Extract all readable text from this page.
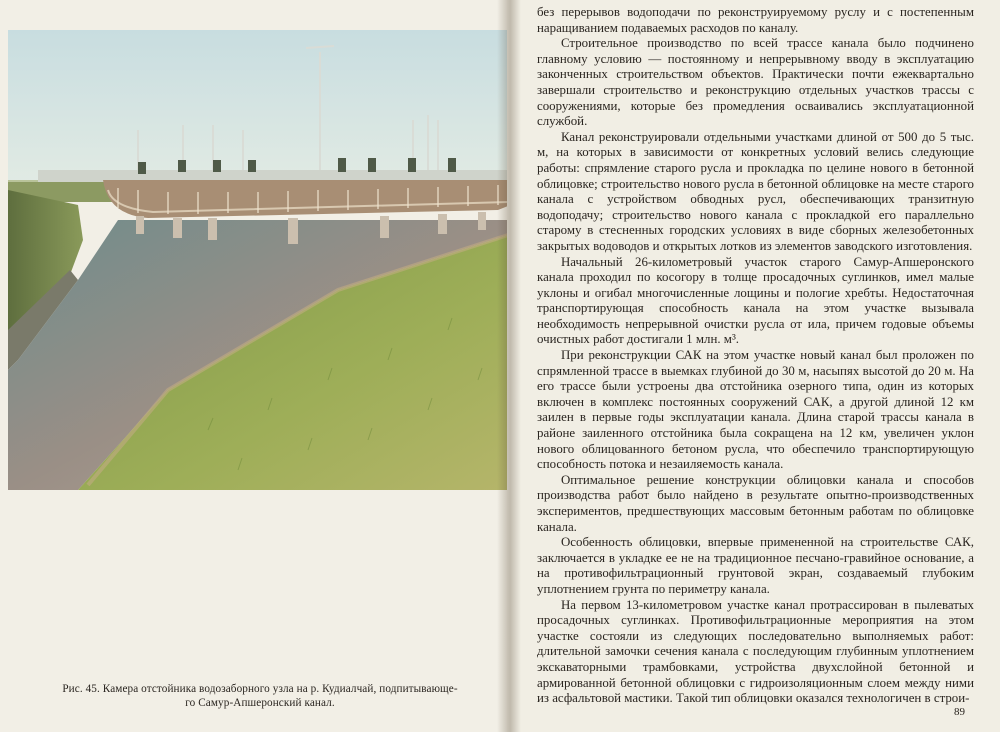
Рис. 45. Камера отстойника водозаборного узла на р. Кудиалчай, подпитывающе-
го Самур-Апшеронский канал.

без перерывов водоподачи по реконструируемому руслу и с постепенным наращиванием подаваемых расходов по каналу.

Строительное производство по всей трассе канала было подчинено главному условию — постоянному и непрерывному вводу в эксплуатацию законченных строительством объектов. Практически почти ежеквартально завершали строительство и реконструкцию отдельных участков трассы с сооружениями, которые без промедления осваивались эксплуатационной службой.

Канал реконструировали отдельными участками длиной от 500 до 5 тыс. м, на которых в зависимости от конкретных условий велись следующие работы: спрямление старого русла и прокладка по целине нового в бетонной облицовке; строительство нового русла в бетонной облицовке на месте старого канала с устройством обводных русл, обеспечивающих транзитную водоподачу; строительство нового канала с прокладкой его параллельно старому в стесненных городских условиях в виде сборных железобетонных закрытых водоводов и открытых лотков из элементов заводского изготовления.

Начальный 26-километровый участок старого Самур-Апшеронского канала проходил по косогору в толще просадочных суглинков, имел малые уклоны и огибал многочисленные лощины и пологие хребты. Недостаточная транспортирующая способность канала на этом участке вызывала необходимость непрерывной очистки русла от ила, причем годовые объемы очистных работ достигали 1 млн. м³.

При реконструкции САК на этом участке новый канал был проложен по спрямленной трассе в выемках глубиной до 30 м, насыпях высотой до 20 м. На его трассе были устроены два отстойника озерного типа, один из которых включен в комплекс постоянных сооружений САК, а другой длиной 12 км заилен в первые годы эксплуатации канала. Длина старой трассы канала в районе заиленного отстойника была сокращена на 12 км, увеличен уклон нового облицованного бетоном русла, что обеспечило транспортирующую способность потока и незаиляемость канала.

Оптимальное решение конструкции облицовки канала и способов производства работ было найдено в результате опытно-производственных экспериментов, предшествующих массовым бетонным работам по облицовке канала.

Особенность облицовки, впервые примененной на строительстве САК, заключается в укладке ее не на традиционное песчано-гравийное основание, а на противофильтрационный грунтовой экран, создаваемый глубоким уплотнением грунта по периметру канала.

На первом 13-километровом участке канал протрассирован в пылеватых просадочных суглинках. Противофильтрационные мероприятия на этом участке состояли из следующих последовательно выполняемых работ: длительной замочки сечения канала с последующим глубинным уплотнением экскаваторными трамбовками, устройства двухслойной бетонной и армированной бетонной облицовки с гидроизоляционным слоем между ними из асфальтовой мастики. Такой тип облицовки оказался технологичен в строи-

89
